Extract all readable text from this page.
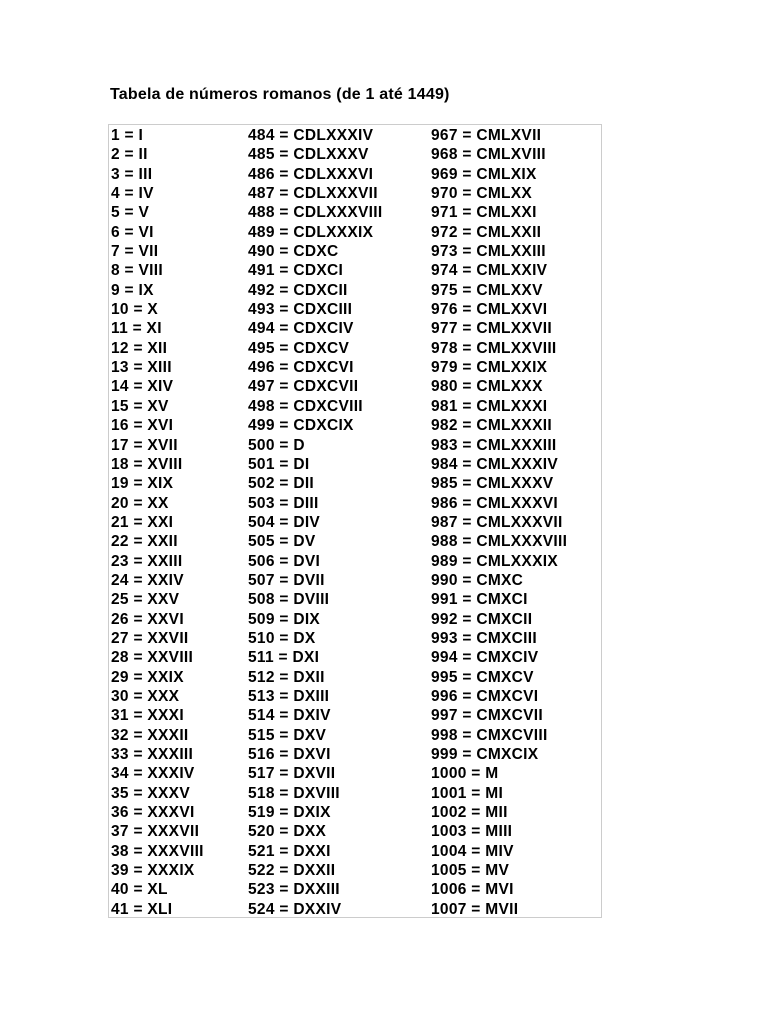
Tabela de números romanos (de 1 até 1449)
1 = I
2 = II
3 = III
4 = IV
5 = V
6 = VI
7 = VII
8 = VIII
9 = IX
10 = X
11 = XI
12 = XII
13 = XIII
14 = XIV
15 = XV
16 = XVI
17 = XVII
18 = XVIII
19 = XIX
20 = XX
21 = XXI
22 = XXII
23 = XXIII
24 = XXIV
25 = XXV
26 = XXVI
27 = XXVII
28 = XXVIII
29 = XXIX
30 = XXX
31 = XXXI
32 = XXXII
33 = XXXIII
34 = XXXIV
35 = XXXV
36 = XXXVI
37 = XXXVII
38 = XXXVIII
39 = XXXIX
40 = XL
41 = XLI
484 = CDLXXXIV
485 = CDLXXXV
486 = CDLXXXVI
487 = CDLXXXVII
488 = CDLXXXVIII
489 = CDLXXXIX
490 = CDXC
491 = CDXCI
492 = CDXCII
493 = CDXCIII
494 = CDXCIV
495 = CDXCV
496 = CDXCVI
497 = CDXCVII
498 = CDXCVIII
499 = CDXCIX
500 = D
501 = DI
502 = DII
503 = DIII
504 = DIV
505 = DV
506 = DVI
507 = DVII
508 = DVIII
509 = DIX
510 = DX
511 = DXI
512 = DXII
513 = DXIII
514 = DXIV
515 = DXV
516 = DXVI
517 = DXVII
518 = DXVIII
519 = DXIX
520 = DXX
521 = DXXI
522 = DXXII
523 = DXXIII
524 = DXXIV
967 = CMLXVII
968 = CMLXVIII
969 = CMLXIX
970 = CMLXX
971 = CMLXXI
972 = CMLXXII
973 = CMLXXIII
974 = CMLXXIV
975 = CMLXXV
976 = CMLXXVI
977 = CMLXXVII
978 = CMLXXVIII
979 = CMLXXIX
980 = CMLXXX
981 = CMLXXXI
982 = CMLXXXII
983 = CMLXXXIII
984 = CMLXXXIV
985 = CMLXXXV
986 = CMLXXXVI
987 = CMLXXXVII
988 = CMLXXXVIII
989 = CMLXXXIX
990 = CMXC
991 = CMXCI
992 = CMXCII
993 = CMXCIII
994 = CMXCIV
995 = CMXCV
996 = CMXCVI
997 = CMXCVII
998 = CMXCVIII
999 = CMXCIX
1000 = M
1001 = MI
1002 = MII
1003 = MIII
1004 = MIV
1005 = MV
1006 = MVI
1007 = MVII
